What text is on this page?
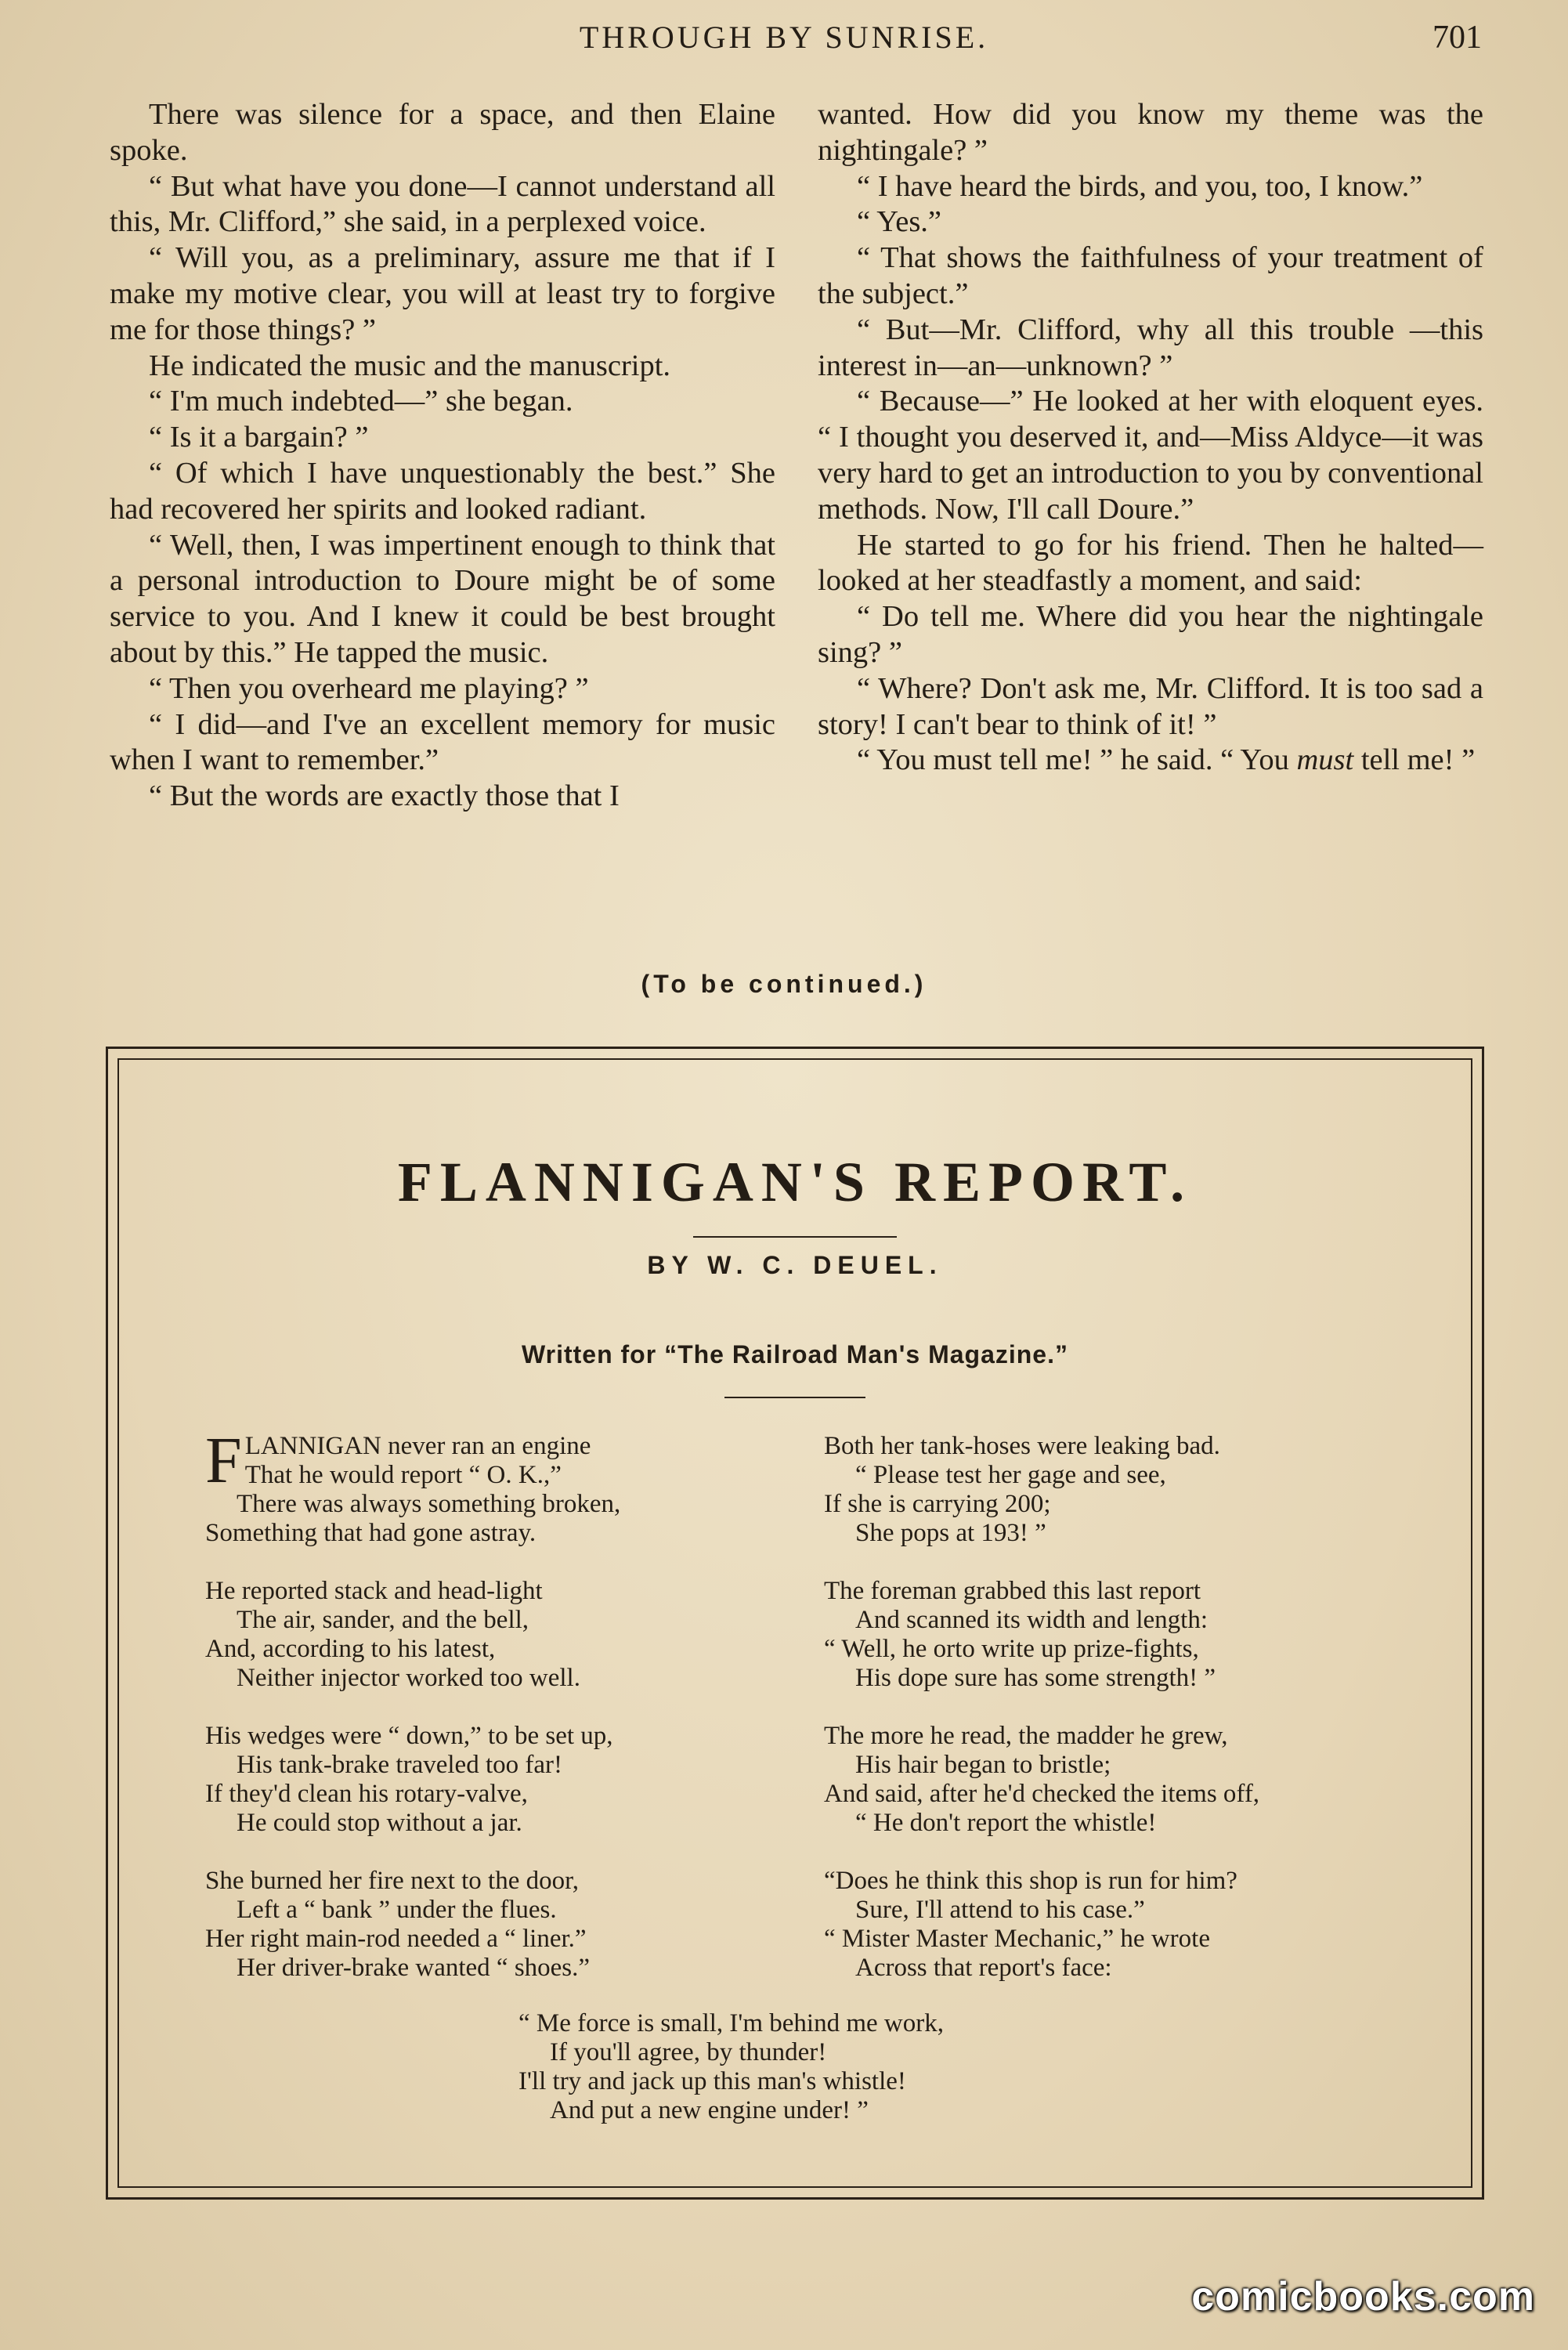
THROUGH BY SUNRISE.	701

There was silence for a space, and then Elaine spoke.

“ But what have you done—I cannot understand all this, Mr. Clifford,” she said, in a perplexed voice.

“ Will you, as a preliminary, assure me that if I make my motive clear, you will at least try to forgive me for those things? ”

He indicated the music and the manuscript.

“ I'm much indebted—” she began.

“ Is it a bargain? ”

“ Of which I have unquestionably the best.” She had recovered her spirits and looked radiant.

“ Well, then, I was impertinent enough to think that a personal introduction to Doure might be of some service to you. And I knew it could be best brought about by this.” He tapped the music.

“ Then you overheard me playing? ”

“ I did—and I've an excellent memory for music when I want to remember.”

“ But the words are exactly those that I

wanted. How did you know my theme was the nightingale? ”

“ I have heard the birds, and you, too, I know.”

“ Yes.”

“ That shows the faithfulness of your treatment of the subject.”

“ But—Mr. Clifford, why all this trouble —this interest in—an—unknown? ”

“ Because—” He looked at her with eloquent eyes. “ I thought you deserved it, and—Miss Aldyce—it was very hard to get an introduction to you by conventional methods. Now, I'll call Doure.”

He started to go for his friend. Then he halted—looked at her steadfastly a moment, and said:

“ Do tell me. Where did you hear the nightingale sing? ”

“ Where? Don't ask me, Mr. Clifford. It is too sad a story! I can't bear to think of it! ”

“ You must tell me! ” he said. “ You must tell me! ”

(To be continued.)
FLANNIGAN'S REPORT.
BY W. C. DEUEL.
Written for “The Railroad Man's Magazine.”
FLANNIGAN never ran an engine
That he would report “ O. K.,”
There was always something broken,
Something that had gone astray.
He reported stack and head-light
The air, sander, and the bell,
And, according to his latest,
Neither injector worked too well.
His wedges were “ down,” to be set up,
His tank-brake traveled too far!
If they'd clean his rotary-valve,
He could stop without a jar.
She burned her fire next to the door,
Left a “ bank ” under the flues.
Her right main-rod needed a “ liner.”
Her driver-brake wanted “ shoes.”
Both her tank-hoses were leaking bad.
“ Please test her gage and see,
If she is carrying 200;
She pops at 193! ”
The foreman grabbed this last report
And scanned its width and length:
“ Well, he orto write up prize-fights,
His dope sure has some strength! ”
The more he read, the madder he grew,
His hair began to bristle;
And said, after he'd checked the items off,
“ He don't report the whistle!
“Does he think this shop is run for him?
Sure, I'll attend to his case.”
“ Mister Master Mechanic,” he wrote
Across that report's face:
“ Me force is small, I'm behind me work,
If you'll agree, by thunder!
I'll try and jack up this man's whistle!
And put a new engine under! ”
comicbooks.com
